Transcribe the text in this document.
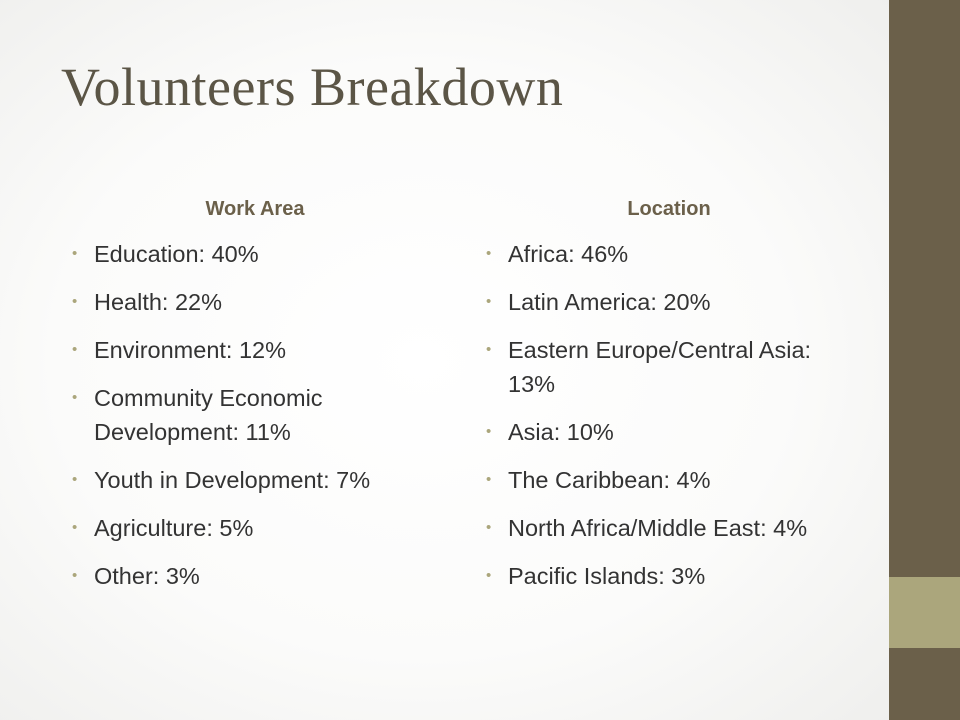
Volunteers Breakdown
Work Area
• Education: 40%
• Health: 22%
• Environment: 12%
• Community Economic Development: 11%
• Youth in Development: 7%
• Agriculture: 5%
• Other: 3%
Location
• Africa: 46%
• Latin America: 20%
• Eastern Europe/Central Asia: 13%
• Asia: 10%
• The Caribbean: 4%
• North Africa/Middle East: 4%
• Pacific Islands: 3%
